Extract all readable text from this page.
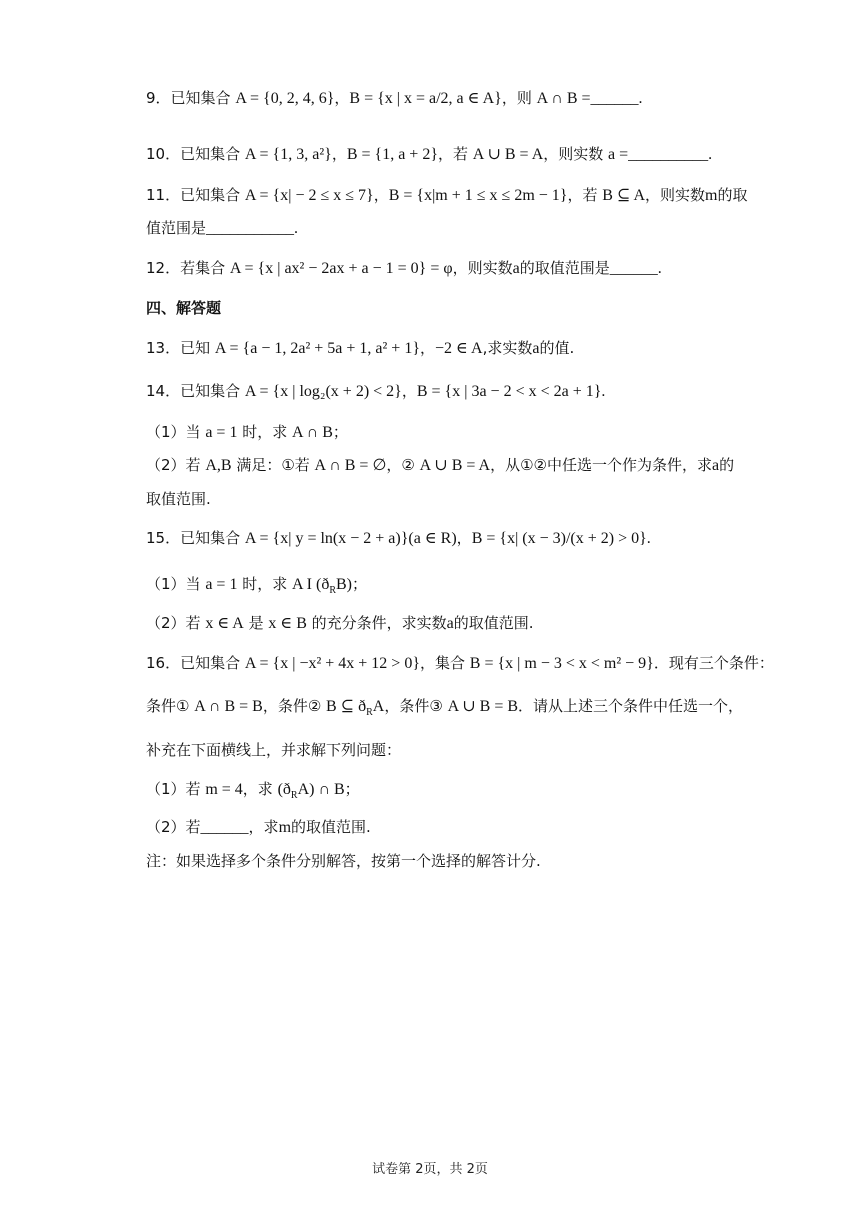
9．已知集合 A = {0, 2, 4, 6}，B = {x | x = a/2, a ∈ A}，则 A ∩ B =______.
10．已知集合 A = {1, 3, a²}，B = {1, a + 2}，若 A ∪ B = A，则实数 a =__________.
11．已知集合 A = {x| − 2 ≤ x ≤ 7}，B = {x|m + 1 ≤ x ≤ 2m − 1}，若 B ⊆ A，则实数m的取
值范围是___________.
12．若集合 A = {x | ax² − 2ax + a − 1 = 0} = φ，则实数a的取值范围是______.
四、解答题
13．已知 A = {a − 1, 2a² + 5a + 1, a² + 1}，−2 ∈ A,求实数a的值.
14．已知集合 A = {x | log₂(x + 2) < 2}，B = {x | 3a − 2 < x < 2a + 1}.
（1）当 a = 1 时，求 A ∩ B；
（2）若 A,B 满足：①若 A ∩ B = ∅，② A ∪ B = A，从①②中任选一个作为条件，求a的
取值范围.
15．已知集合 A = {x| y = ln(x − 2 + a)}(a ∈ R)，B = {x| (x − 3)/(x + 2) > 0}.
（1）当 a = 1 时，求 A I $(ð_RB)$；
（2）若 x ∈ A 是 x ∈ B 的充分条件，求实数a的取值范围.
16．已知集合 A = {x | −x² + 4x + 12 > 0}，集合 B = {x | m − 3 < x < m² − 9}．现有三个条件：
条件① A ∩ B = B，条件② B ⊆ $ð_RA$，条件③ A ∪ B = B．请从上述三个条件中任选一个，
补充在下面横线上，并求解下列问题：
（1）若 m = 4，求 $(ð_RA)$ ∩ B；
（2）若______，求m的取值范围.
注：如果选择多个条件分别解答，按第一个选择的解答计分.
试卷第 2页，共 2页
